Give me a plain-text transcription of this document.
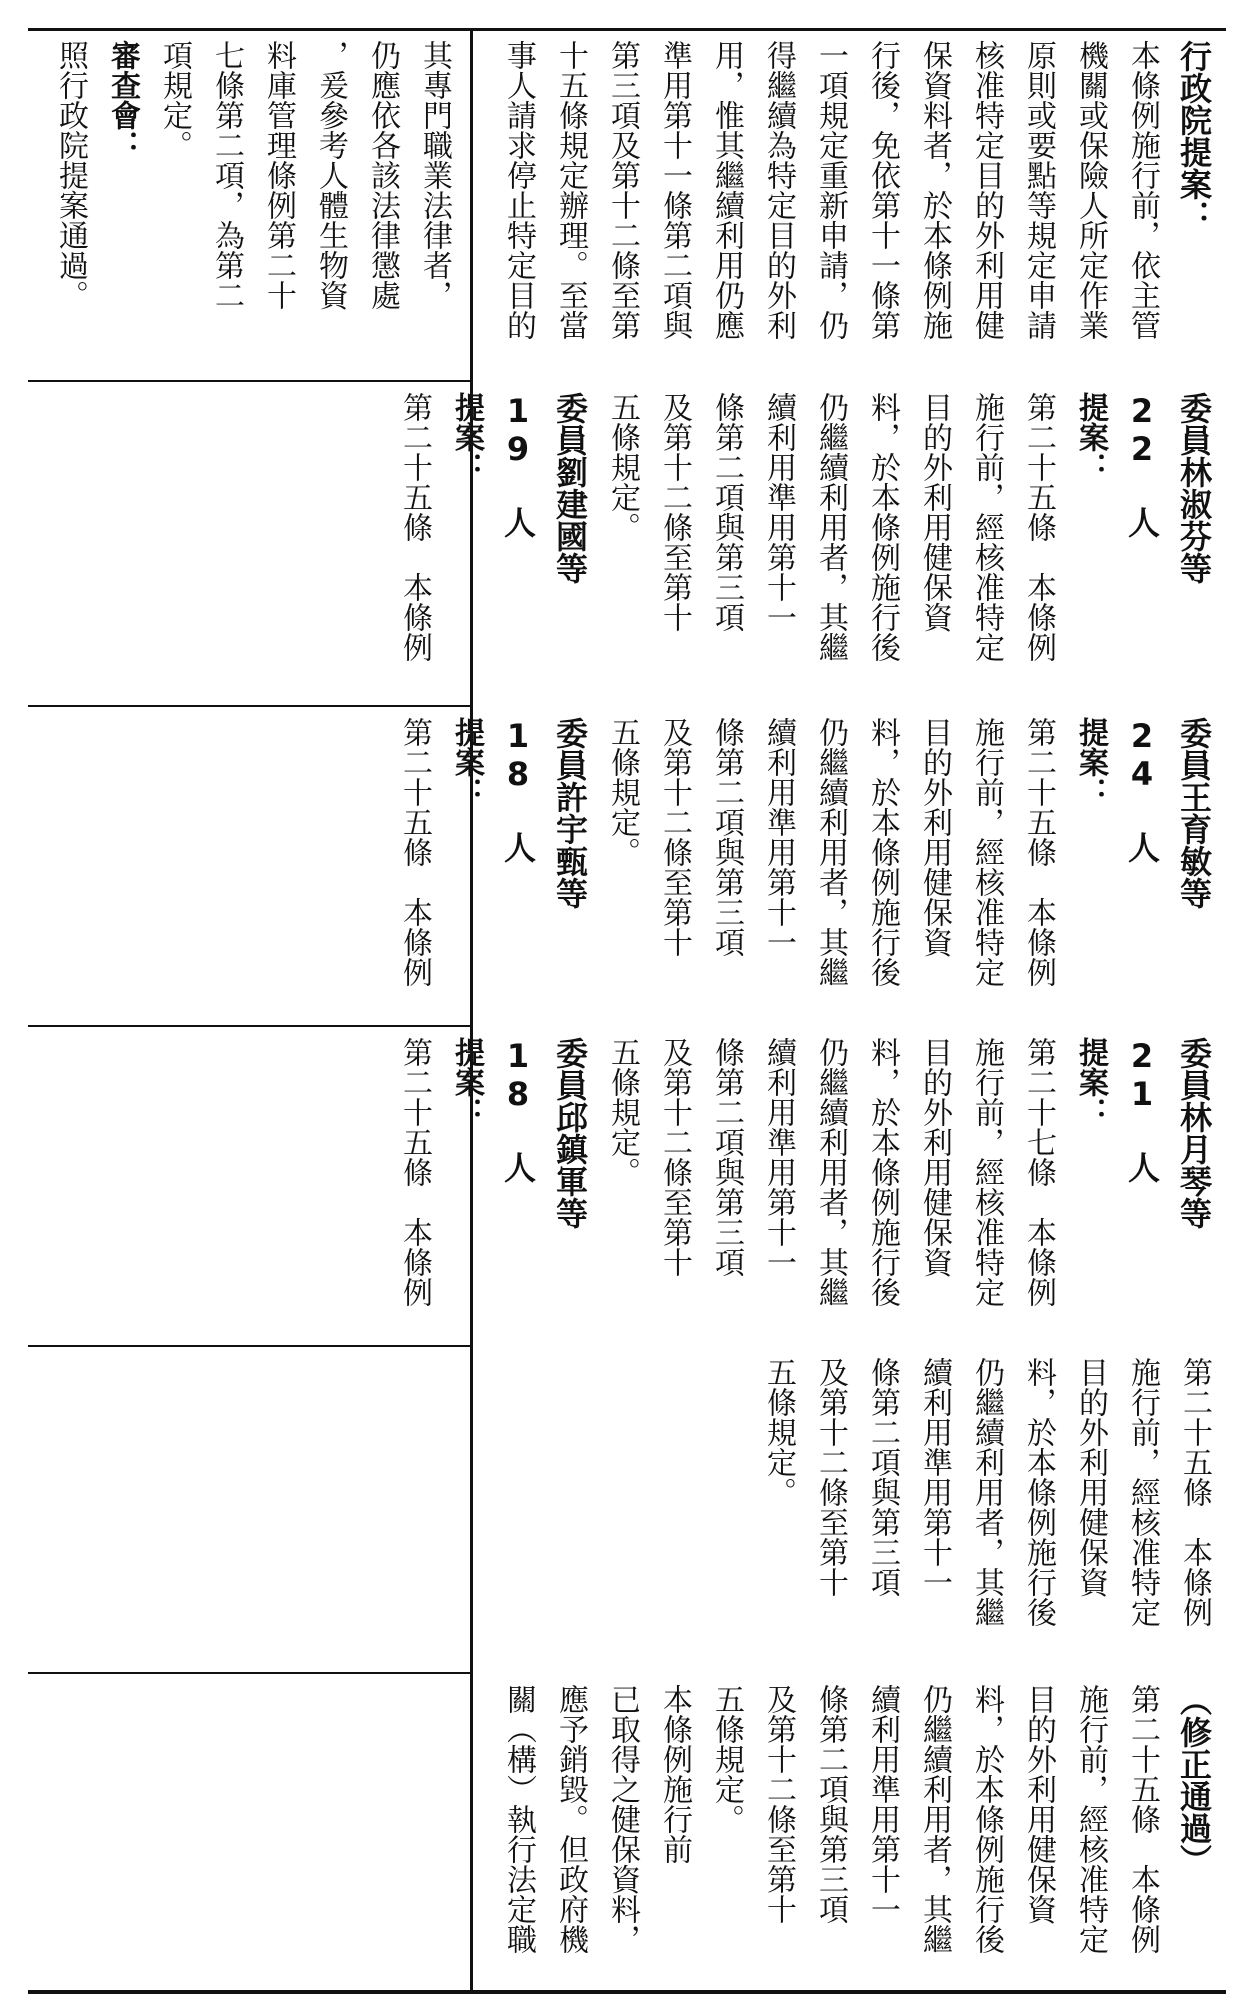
其專門職業法律者，

仍應依各該法律懲處

，爰參考人體生物資

料庫管理條例第二十

七條第二項，為第二

項規定。

審查會：

照行政院提案通過。	行政院提案：

本條例施行前，依主管

機關或保險人所定作業

原則或要點等規定申請

核准特定目的外利用健

保資料者，於本條例施

行後，免依第十一條第

一項規定重新申請，仍

得繼續為特定目的外利

用，惟其繼續利用仍應

準用第十一條第二項與

第三項及第十二條至第

十五條規定辦理。至當

事人請求停止特定目的

委員林淑芬等 22 人

提案：

第二十五條　本條例

施行前，經核准特定

目的外利用健保資

料，於本條例施行後

仍繼續利用者，其繼

續利用準用第十一

條第二項與第三項

及第十二條至第十

五條規定。

委員劉建國等 19 人

提案：

第二十五條　本條例

委員王育敏等 24 人

提案：

第二十五條　本條例

施行前，經核准特定

目的外利用健保資

料，於本條例施行後

仍繼續利用者，其繼

續利用準用第十一

條第二項與第三項

及第十二條至第十

五條規定。

委員許宇甄等 18 人

提案：

第二十五條　本條例

委員林月琴等 21 人

提案：

第二十七條　本條例

施行前，經核准特定

目的外利用健保資

料，於本條例施行後

仍繼續利用者，其繼

續利用準用第十一

條第二項與第三項

及第十二條至第十

五條規定。

委員邱鎮軍等 18 人

提案：

第二十五條　本條例

第二十五條　本條例

施行前，經核准特定

目的外利用健保資

料，於本條例施行後

仍繼續利用者，其繼

續利用準用第十一

條第二項與第三項

及第十二條至第十

五條規定。

（修正通過）

第二十五條　本條例

施行前，經核准特定

目的外利用健保資

料，於本條例施行後

仍繼續利用者，其繼

續利用準用第十一

條第二項與第三項

及第十二條至第十

五條規定。

本條例施行前

已取得之健保資料，

應予銷毀。但政府機

關（構）執行法定職
